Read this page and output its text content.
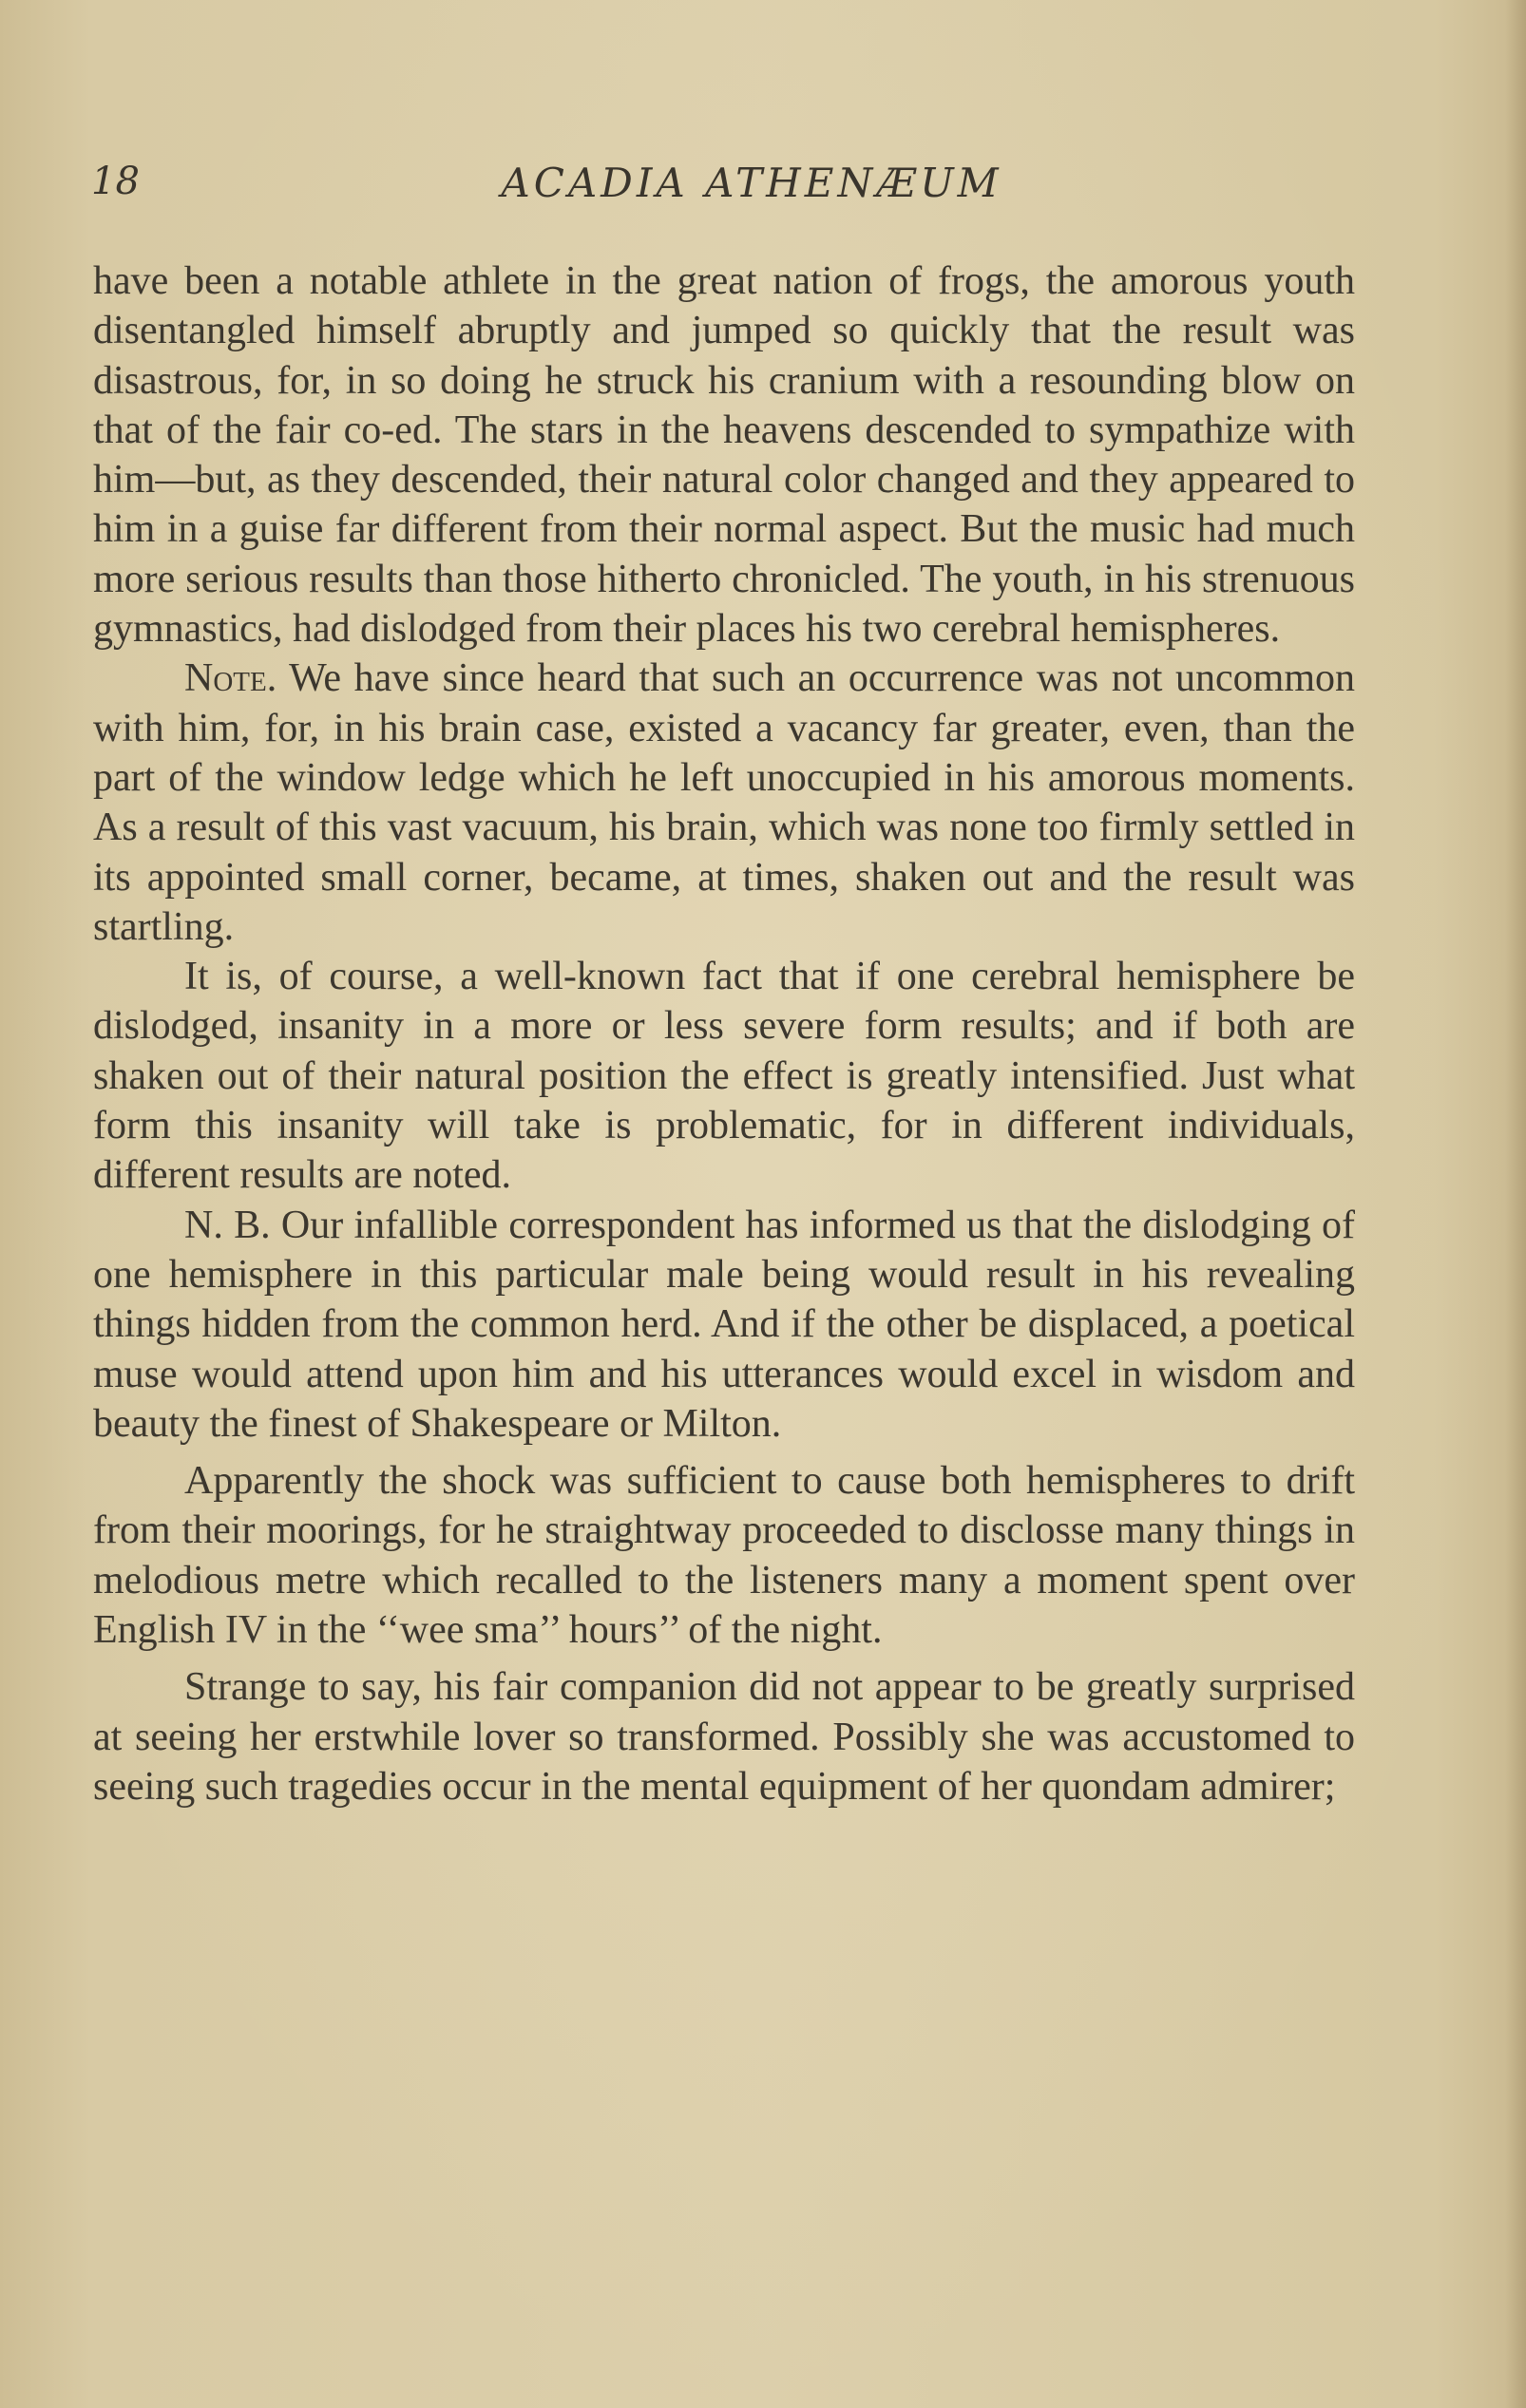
18	ACADIA ATHENÆUM

have been a notable athlete in the great nation of frogs, the amorous youth disentangled himself abruptly and jumped so quickly that the result was disastrous, for, in so doing he struck his cranium with a resounding blow on that of the fair co-ed. The stars in the heavens descended to sympathize with him—but, as they descended, their natural color changed and they appeared to him in a guise far different from their normal aspect. But the music had much more serious results than those hitherto chronicled. The youth, in his strenuous gymnastics, had dislodged from their places his two cerebral hemispheres.

Note. We have since heard that such an occurrence was not uncommon with him, for, in his brain case, existed a vacancy far greater, even, than the part of the window ledge which he left unoccupied in his amorous moments. As a result of this vast vacuum, his brain, which was none too firmly settled in its appointed small corner, became, at times, shaken out and the result was startling.

It is, of course, a well-known fact that if one cerebral hemisphere be dislodged, insanity in a more or less severe form results; and if both are shaken out of their natural position the effect is greatly intensified. Just what form this insanity will take is problematic, for in different individuals, different results are noted.

N. B. Our infallible correspondent has informed us that the dislodging of one hemisphere in this particular male being would result in his revealing things hidden from the common herd. And if the other be displaced, a poetical muse would attend upon him and his utterances would excel in wisdom and beauty the finest of Shakespeare or Milton.

Apparently the shock was sufficient to cause both hemispheres to drift from their moorings, for he straightway proceeded to disclosse many things in melodious metre which recalled to the listeners many a moment spent over English IV in the ‘‘wee sma’’ hours’’ of the night.

Strange to say, his fair companion did not appear to be greatly surprised at seeing her erstwhile lover so transformed. Possibly she was accustomed to seeing such tragedies occur in the mental equipment of her quondam admirer;
